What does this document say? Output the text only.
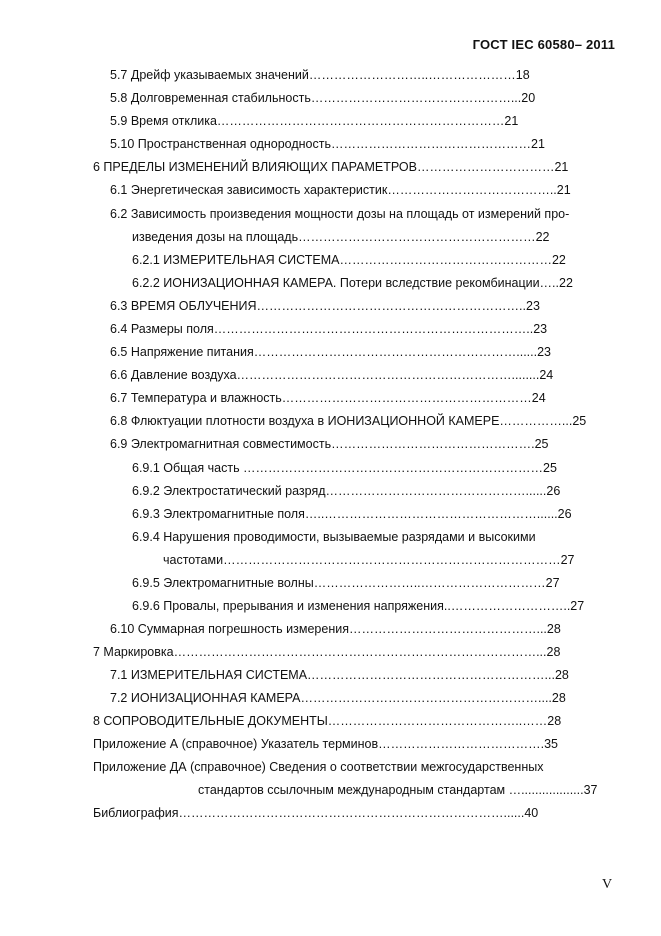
ГОСТ IEC 60580– 2011
5.7 Дрейф указываемых значений………………………..…………………18
5.8 Долговременная стабильность…………………………………………...20
5.9 Время отклика……………………………………………………………21
5.10 Пространственная однородность…………………………………………21
6 ПРЕДЕЛЫ ИЗМЕНЕНИЙ ВЛИЯЮЩИХ ПАРАМЕТРОВ……………………………21
6.1 Энергетическая зависимость характеристик…………………………………..21
6.2 Зависимость произведения мощности дозы на площадь от измерений про-
изведения дозы на площадь…………………………………………………22
6.2.1 ИЗМЕРИТЕЛЬНАЯ СИСТЕМА……………………………………………22
6.2.2 ИОНИЗАЦИОННАЯ КАМЕРА. Потери вследствие рекомбинации…..22
6.3 ВРЕМЯ ОБЛУЧЕНИЯ………………………………………………………..23
6.4 Размеры поля…………………………………………………………………..23
6.5 Напряжение питания………………………………………………………......23
6.6 Давление воздуха…………………………………………………………........24
6.7 Температура и влажность……………………………………………………24
6.8 Флюктуации плотности воздуха в ИОНИЗАЦИОННОЙ КАМЕРЕ……………...25
6.9 Электромагнитная совместимость………………………………………….25
6.9.1 Общая часть ………………………………………………………………25
6.9.2 Электростатический разряд…………………………………………......26
6.9.3 Электромагнитные поля…..……………………………………………......26
6.9.4 Нарушения проводимости, вызываемые разрядами и высокими
частотами………………………………………………………………………27
6.9.5 Электромагнитные волны……………………..…………………………27
6.9.6 Провалы, прерывания и изменения напряжения..………………………..27
6.10 Суммарная погрешность измерения………………………………………...28
7 Маркировка……………………………………………………………………………...28
7.1 ИЗМЕРИТЕЛЬНАЯ СИСТЕМА…………………………………………………...28
7.2 ИОНИЗАЦИОННАЯ КАМЕРА…………………………………………………....28
8 СОПРОВОДИТЕЛЬНЫЕ ДОКУМЕНТЫ………………………………………..……28
Приложение А (справочное) Указатель терминов………………………………….35
Приложение ДА (справочное) Сведения о соответствии межгосударственных
стандартов ссылочным международным стандартам …..................37
Библиография……………………………………………………………………......40
V
